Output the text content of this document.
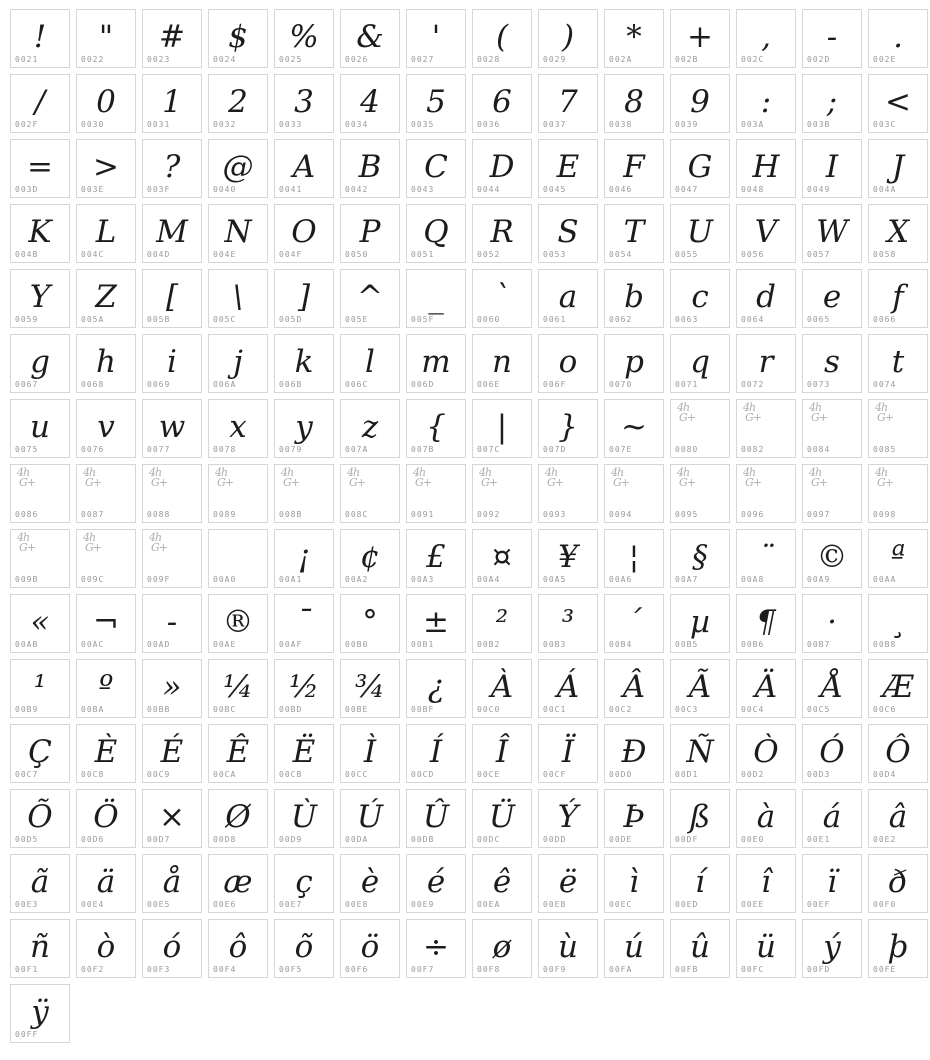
!
0021
"
0022
#
0023
$
0024
%
0025
&
0026
'
0027
(
0028
)
0029
*
002A
+
002B
,
002C
-
002D
.
002E
/
002F
0
0030
1
0031
2
0032
3
0033
4
0034
5
0035
6
0036
7
0037
8
0038
9
0039
:
003A
;
003B
<
003C
=
003D
>
003E
?
003F
@
0040
A
0041
B
0042
C
0043
D
0044
E
0045
F
0046
G
0047
H
0048
I
0049
J
004A
K
004B
L
004C
M
004D
N
004E
O
004F
P
0050
Q
0051
R
0052
S
0053
T
0054
U
0055
V
0056
W
0057
X
0058
Y
0059
Z
005A
[
005B
\
005C
]
005D
^
005E
_
005F
`
0060
a
0061
b
0062
c
0063
d
0064
e
0065
f
0066
g
0067
h
0068
i
0069
j
006A
k
006B
l
006C
m
006D
n
006E
o
006F
p
0070
q
0071
r
0072
s
0073
t
0074
u
0075
v
0076
w
0077
x
0078
y
0079
z
007A
{
007B
|
007C
}
007D
~
007E
4h
G+
0080
4h
G+
0082
4h
G+
0084
4h
G+
0085
4h
G+
0086
4h
G+
0087
4h
G+
0088
4h
G+
0089
4h
G+
008B
4h
G+
008C
4h
G+
0091
4h
G+
0092
4h
G+
0093
4h
G+
0094
4h
G+
0095
4h
G+
0096
4h
G+
0097
4h
G+
0098
4h
G+
009B
4h
G+
009C
4h
G+
009F	00A0
¡
00A1
¢
00A2
£
00A3
¤
00A4
¥
00A5
¦
00A6
§
00A7
¨
00A8
©
00A9
ª
00AA
«
00AB
¬
00AC
-
00AD
®
00AE
¯
00AF
°
00B0
±
00B1
²
00B2
³
00B3
´
00B4
µ
00B5
¶
00B6
·
00B7
¸
00B8
¹
00B9
º
00BA
»
00BB
¼
00BC
½
00BD
¾
00BE
¿
00BF
À
00C0
Á
00C1
Â
00C2
Ã
00C3
Ä
00C4
Å
00C5
Æ
00C6
Ç
00C7
È
00C8
É
00C9
Ê
00CA
Ë
00CB
Ì
00CC
Í
00CD
Î
00CE
Ï
00CF
Ð
00D0
Ñ
00D1
Ò
00D2
Ó
00D3
Ô
00D4
Õ
00D5
Ö
00D6
×
00D7
Ø
00D8
Ù
00D9
Ú
00DA
Û
00DB
Ü
00DC
Ý
00DD
Þ
00DE
ß
00DF
à
00E0
á
00E1
â
00E2
ã
00E3
ä
00E4
å
00E5
æ
00E6
ç
00E7
è
00E8
é
00E9
ê
00EA
ë
00EB
ì
00EC
í
00ED
î
00EE
ï
00EF
ð
00F0
ñ
00F1
ò
00F2
ó
00F3
ô
00F4
õ
00F5
ö
00F6
÷
00F7
ø
00F8
ù
00F9
ú
00FA
û
00FB
ü
00FC
ý
00FD
þ
00FE
ÿ
00FF
